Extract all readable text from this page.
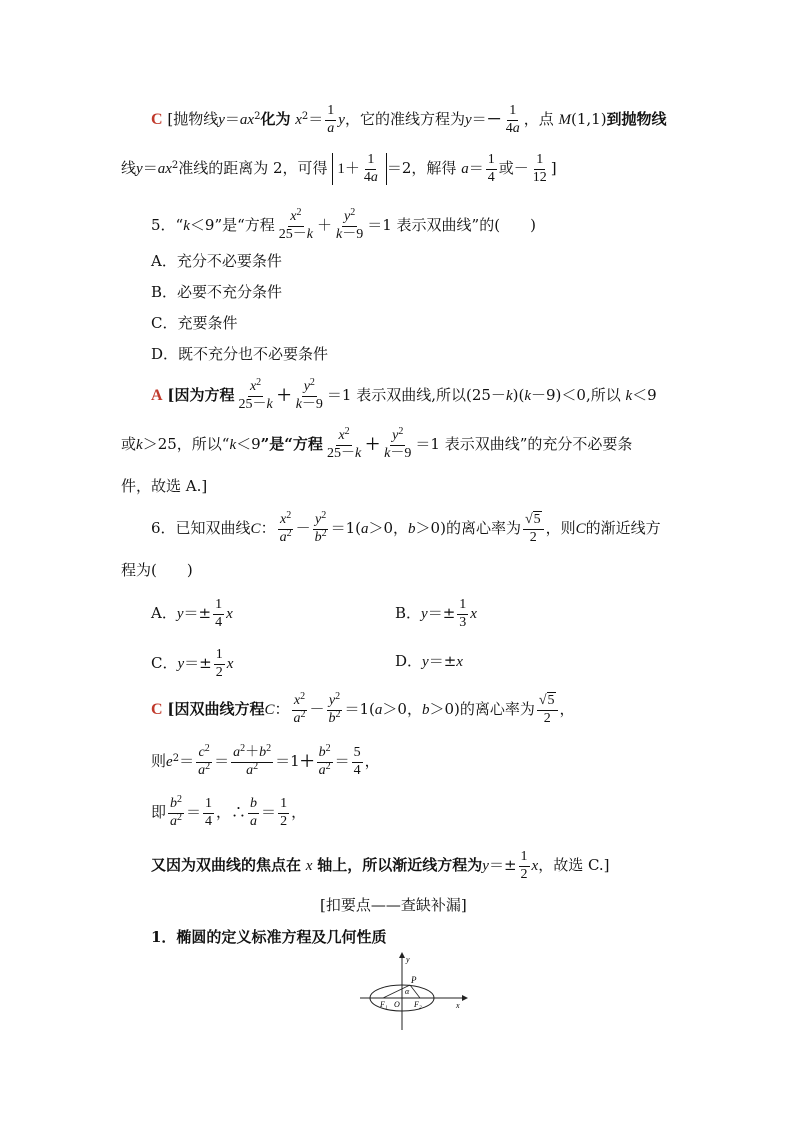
C [抛物线$y=ax^2$化为 $x^2= \frac{1}{a}$ y，它的准线方程为$y=- \frac{1}{4a}$ ，点 M(1,1)到抛物线
线$y=ax^2$准线的距离为 2，可得 $1+ \frac{1}{4a} =2$，解得 $a= \frac{1}{4}$ 或－ $\frac{1}{12}$ ]
5．“k＜9”是“方程 $\frac{x^2}{25-k} + \frac{y^2}{k-9} =1$ 表示双曲线”的(　　)
A．充分不必要条件
B．必要不充分条件
C．充要条件
D．既不充分也不必要条件
A [因为方程 $\frac{x^2}{25-k} + \frac{y^2}{k-9} =1$ 表示双曲线,所以(25－k)(k－9)＜0,所以 k＜9
或k＞25，所以“k＜9”是“方程 $\frac{x^2}{25-k} + \frac{y^2}{k-9} =1$ 表示双曲线”的充分不必要条
件，故选 A.]
6．已知双曲线C： $\frac{x^2}{a^2} - \frac{y^2}{b^2} =1(a>0$，b＞0)的离心率为 $\frac{√5}{2}$ ，则C的渐近线方
程为(　　)
A．$y=\pm \frac{1}{4}$ x	B．$y=\pm \frac{1}{3}$ x
C．$y=\pm \frac{1}{2}$ x	D．y＝±x
C [因双曲线方程C： $\frac{x^2}{a^2} - \frac{y^2}{b^2} =1(a>0$，b＞0)的离心率为 $\frac{√5}{2}$ ，
则$e^2= \frac{c^2}{a^2} = \frac{a^2+b^2}{a^2} =1+ \frac{b^2}{a^2} = \frac{5}{4}$ ，
即 $\frac{b^2}{a^2} = \frac{1}{4}$ ，∴ $\frac{b}{a} = \frac{1}{2}$ ，
又因为双曲线的焦点在 x 轴上，所以渐近线方程为$y=\pm \frac{1}{2}$ x，故选 C.]
[扣要点——查缺补漏]
1．椭圆的定义标准方程及几何性质
y
x
P
α
F₁ O F₂
